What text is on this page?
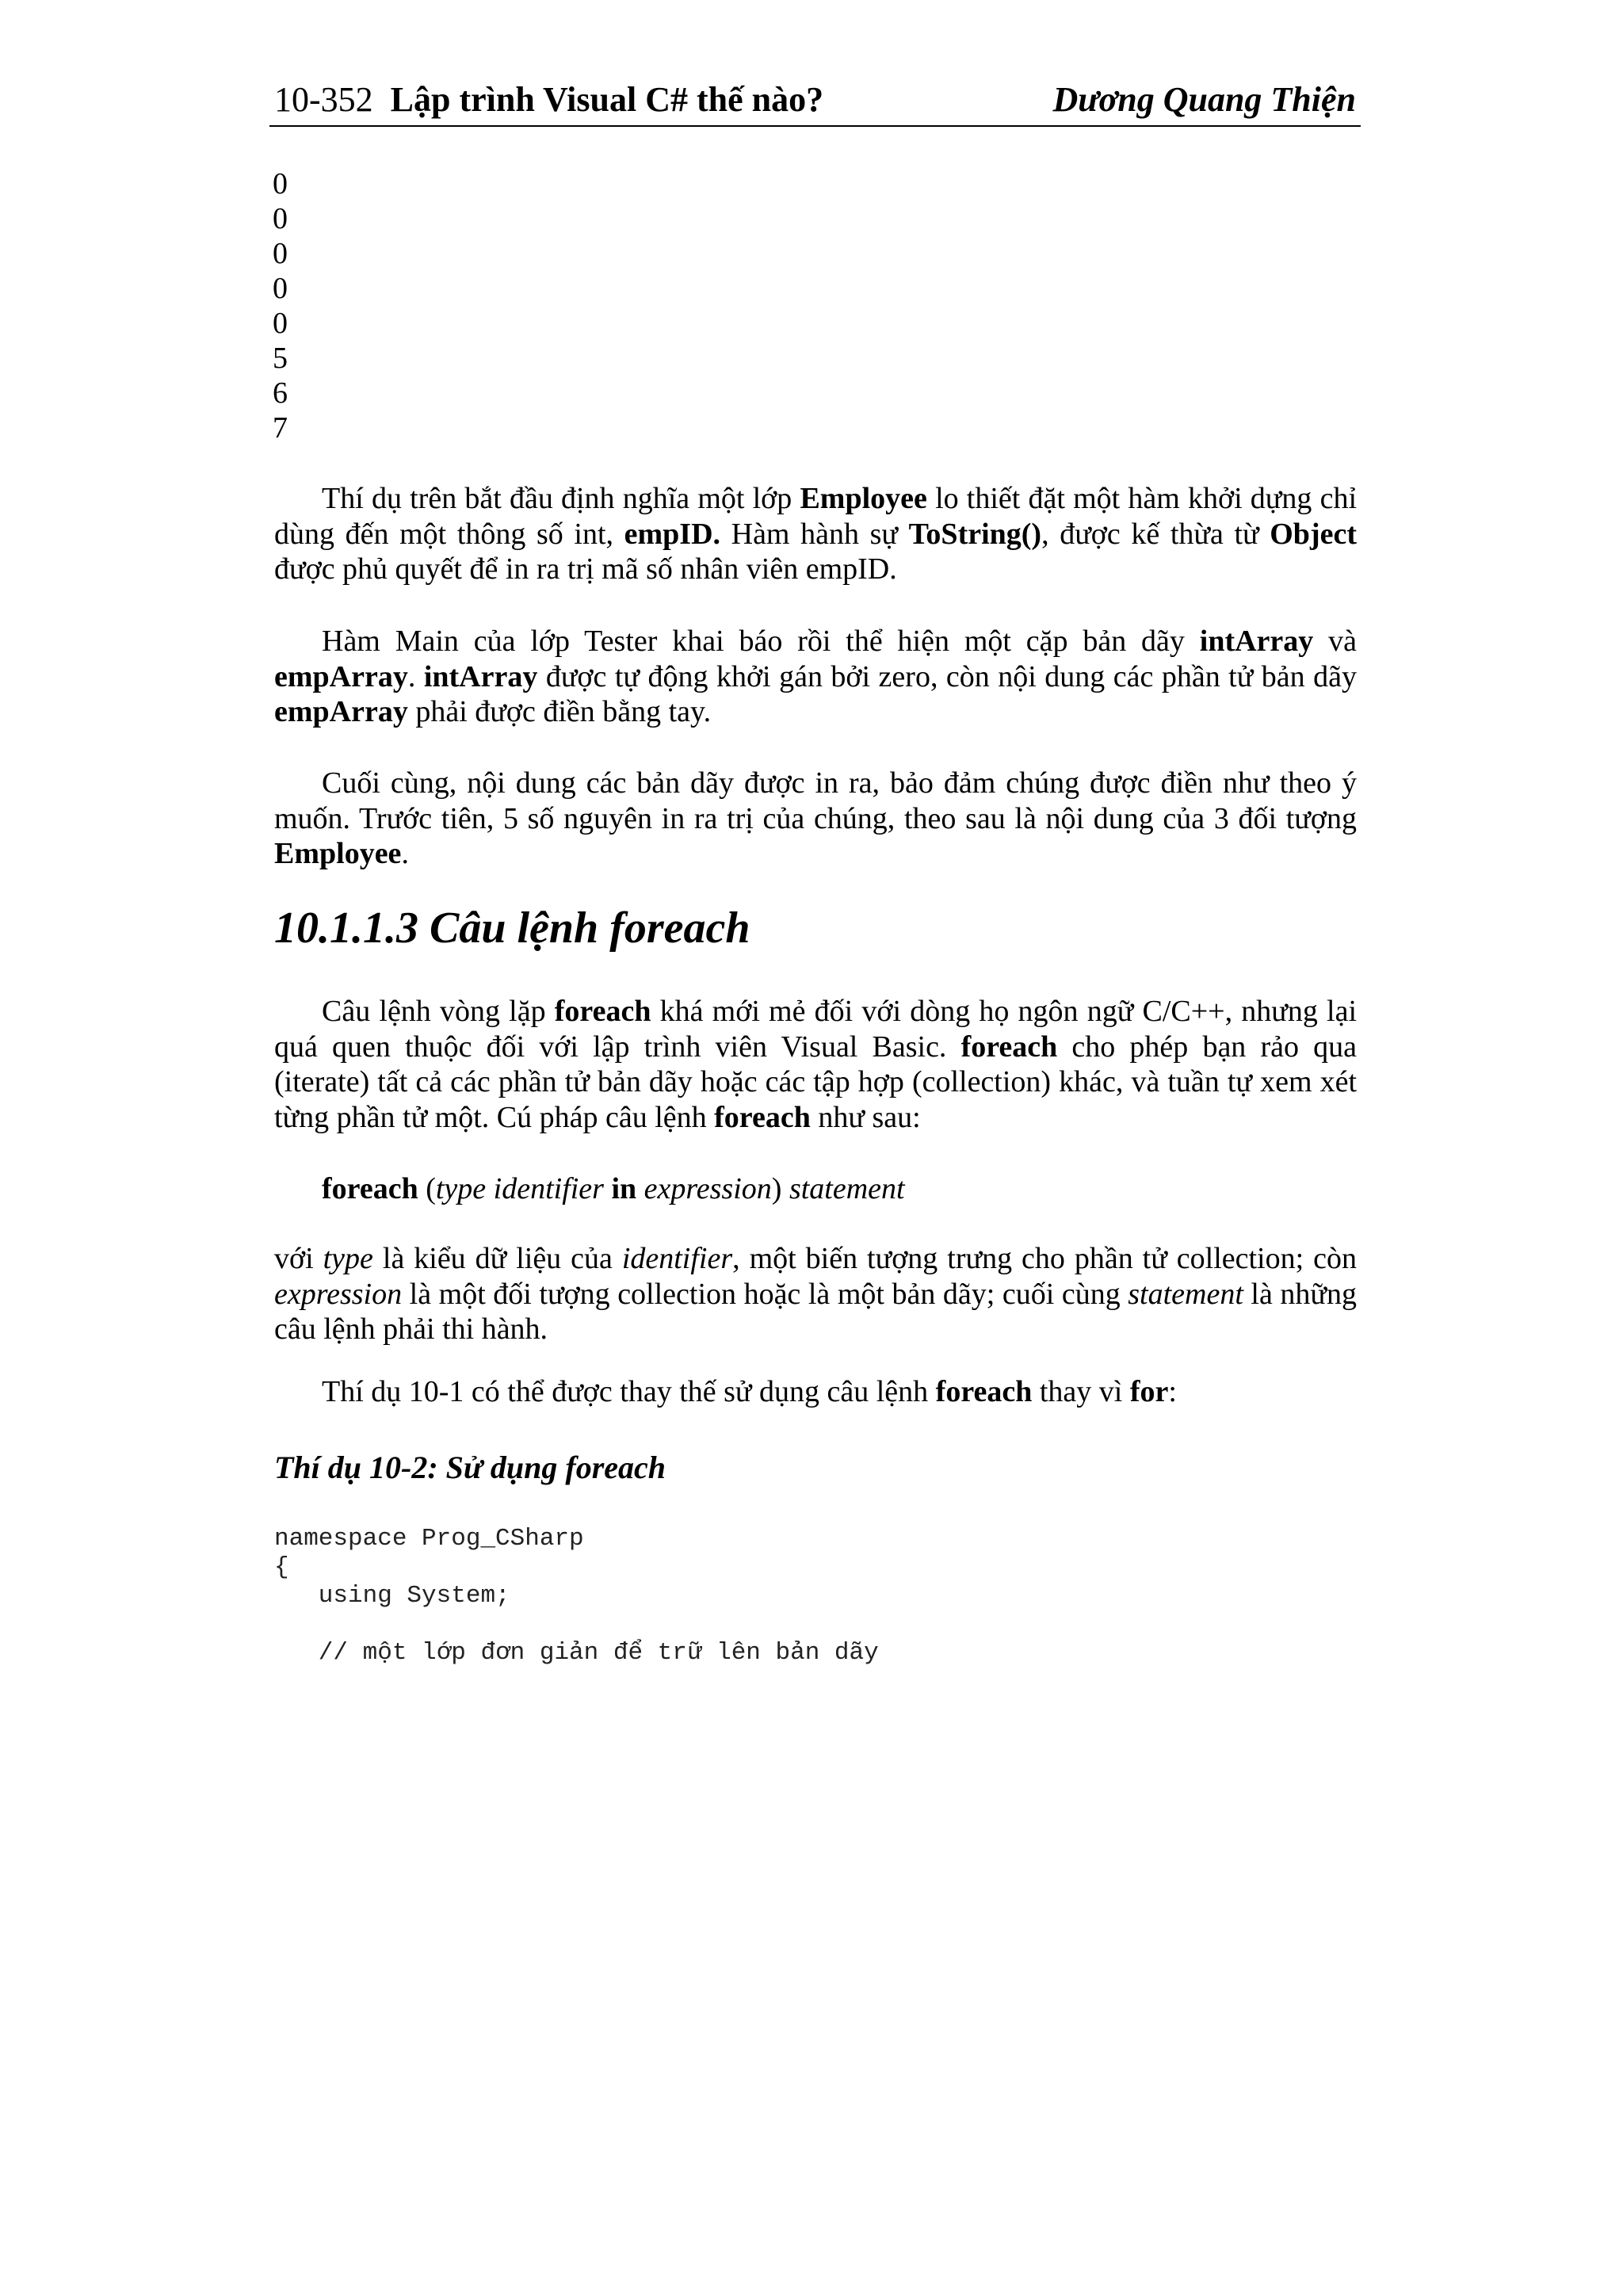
10-352 Lập trình Visual C# thế nào?	Dương Quang Thiện
0
0
0
0
0
5
6
7

Thí dụ trên bắt đầu định nghĩa một lớp Employee lo thiết đặt một hàm khởi dựng chỉ dùng đến một thông số int, empID. Hàm hành sự ToString(), được kế thừa từ Object được phủ quyết để in ra trị mã số nhân viên empID.

Hàm Main của lớp Tester khai báo rồi thể hiện một cặp bản dãy intArray và empArray. intArray được tự động khởi gán bởi zero, còn nội dung các phần tử bản dãy empArray phải được điền bằng tay.

Cuối cùng, nội dung các bản dãy được in ra, bảo đảm chúng được điền như theo ý muốn. Trước tiên, 5 số nguyên in ra trị của chúng, theo sau là nội dung của 3 đối tượng Employee.

10.1.1.3 Câu lệnh foreach

Câu lệnh vòng lặp foreach khá mới mẻ đối với dòng họ ngôn ngữ C/C++, nhưng lại quá quen thuộc đối với lập trình viên Visual Basic. foreach cho phép bạn rảo qua (iterate) tất cả các phần tử bản dãy hoặc các tập hợp (collection) khác, và tuần tự xem xét từng phần tử một. Cú pháp câu lệnh foreach như sau:

foreach (type identifier in expression) statement

với type là kiểu dữ liệu của identifier, một biến tượng trưng cho phần tử collection; còn expression là một đối tượng collection hoặc là một bản dãy; cuối cùng statement là những câu lệnh phải thi hành.

Thí dụ 10-1 có thể được thay thế sử dụng câu lệnh foreach thay vì for:

Thí dụ 10-2: Sử dụng foreach
namespace Prog_CSharp
{
using System;
// một lớp đơn giản để trữ lên bản dãy
